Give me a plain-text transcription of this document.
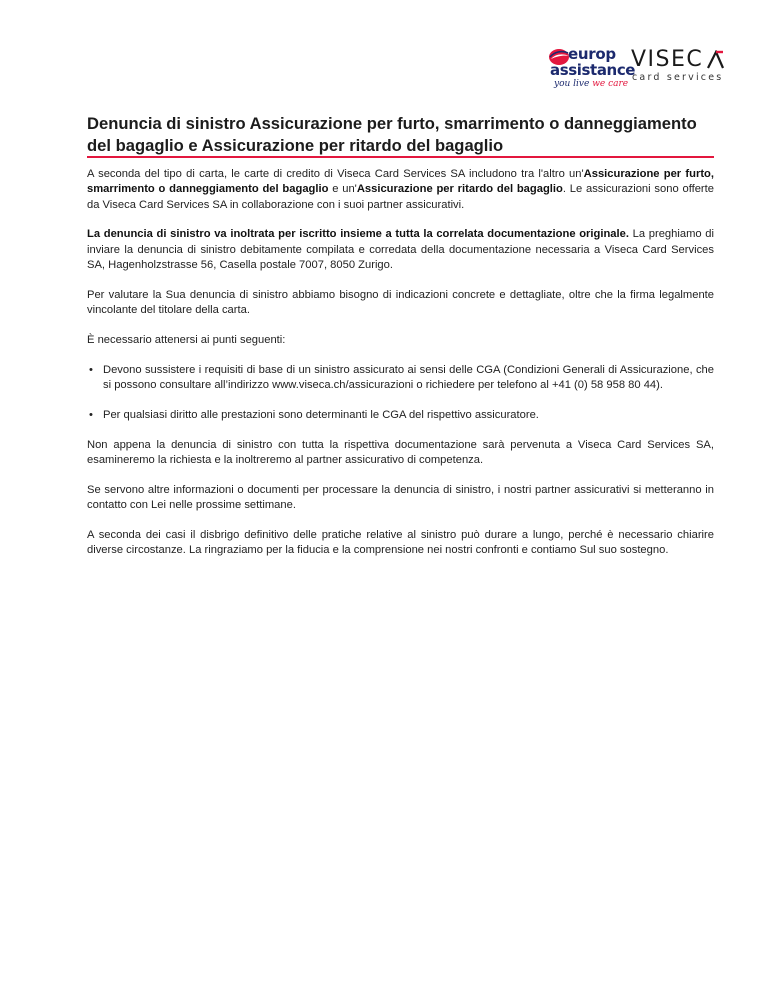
europ
assistance
you live we care
VISEC
card services
Denuncia di sinistro Assicurazione per furto, smarrimento o danneggiamento
del bagaglio e Assicurazione per ritardo del bagaglio

A seconda del tipo di carta, le carte di credito di Viseca Card Services SA includono tra l'altro un'Assicurazione per furto, smarrimento o danneggiamento del bagaglio e un'Assicurazione per ritardo del bagaglio. Le assicurazioni sono offerte da Viseca Card Services SA in collaborazione con i suoi partner assicurativi.

La denuncia di sinistro va inoltrata per iscritto insieme a tutta la correlata documentazione originale. La preghiamo di inviare la denuncia di sinistro debitamente compilata e corredata della documentazione necessaria a Viseca Card Services SA, Hagenholzstrasse 56, Casella postale 7007, 8050 Zurigo.

Per valutare la Sua denuncia di sinistro abbiamo bisogno di indicazioni concrete e dettagliate, oltre che la firma legalmente vincolante del titolare della carta.

È necessario attenersi ai punti seguenti:

• Devono sussistere i requisiti di base di un sinistro assicurato ai sensi delle CGA (Condizioni Generali di Assicurazione, che si possono consultare all’indirizzo www.viseca.ch/assicurazioni o richiedere per telefono al +41 (0) 58 958 80 44).
• Per qualsiasi diritto alle prestazioni sono determinanti le CGA del rispettivo assicuratore.

Non appena la denuncia di sinistro con tutta la rispettiva documentazione sarà pervenuta a Viseca Card Services SA, esamineremo la richiesta e la inoltreremo al partner assicurativo di competenza.

Se servono altre informazioni o documenti per processare la denuncia di sinistro, i nostri partner assicurativi si metteranno in contatto con Lei nelle prossime settimane.

A seconda dei casi il disbrigo definitivo delle pratiche relative al sinistro può durare a lungo, perché è necessario chiarire diverse circostanze. La ringraziamo per la fiducia e la comprensione nei nostri confronti e contiamo Sul suo sostegno.
